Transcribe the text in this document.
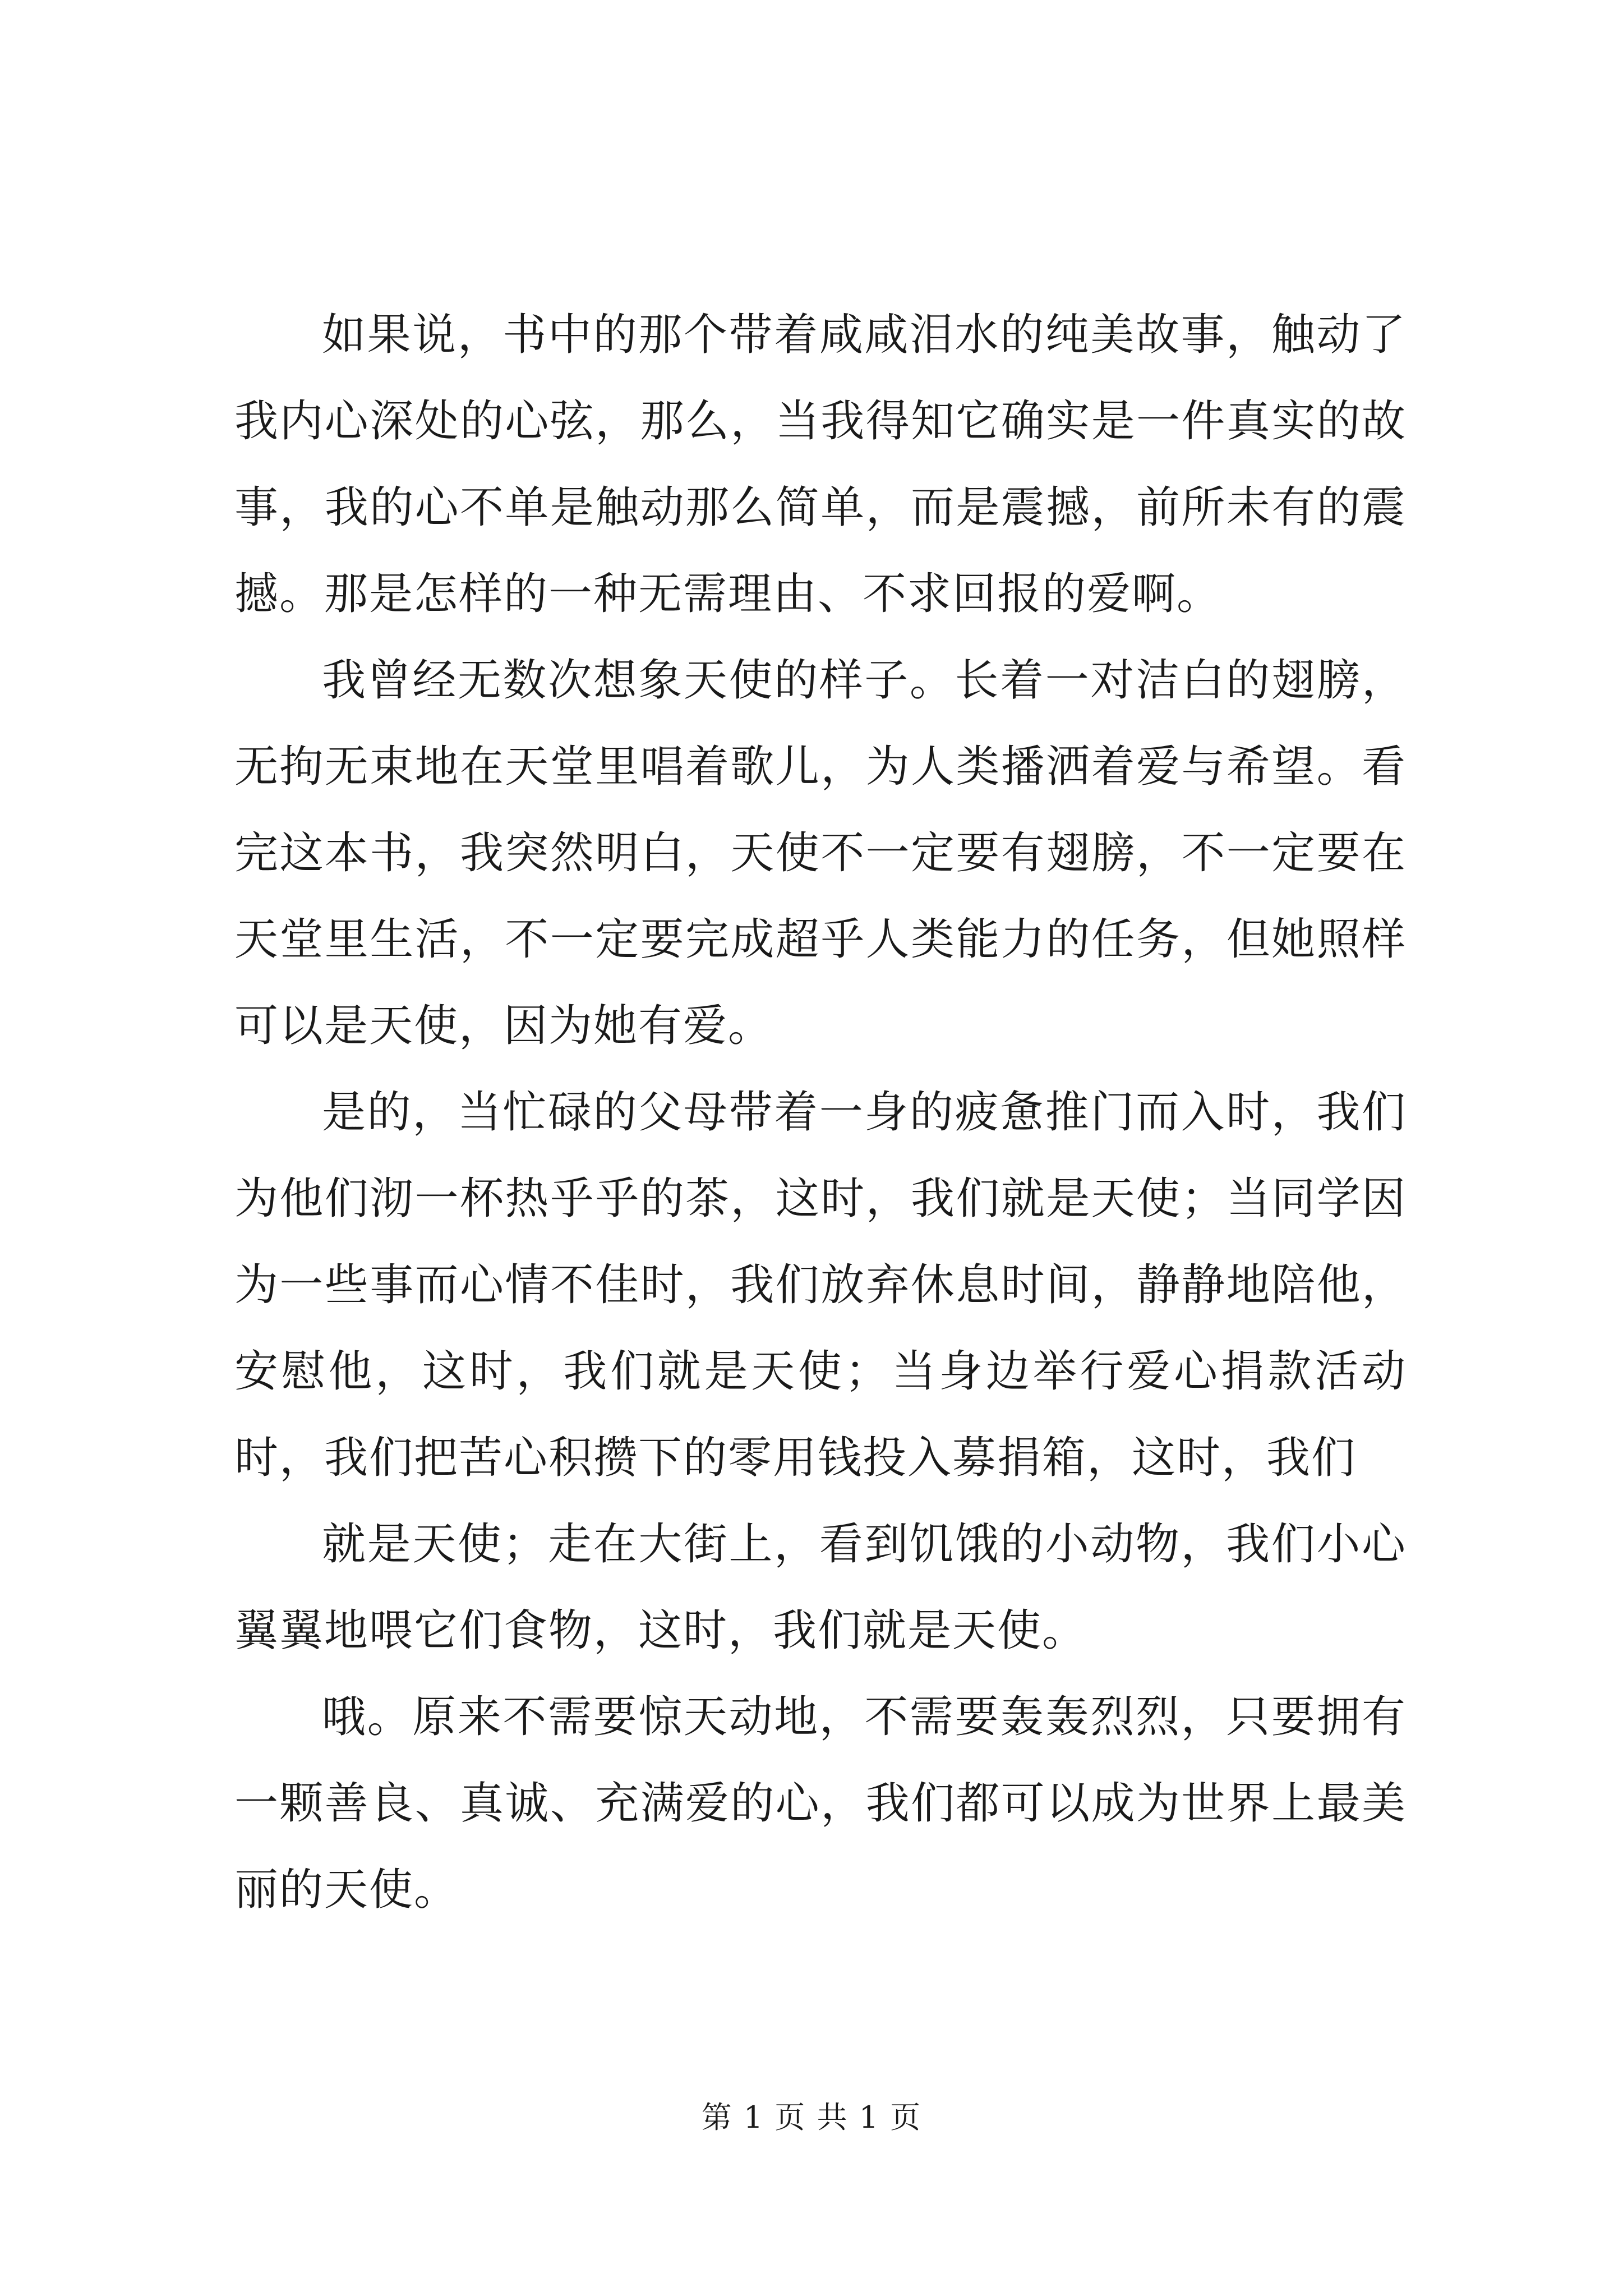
如果说，书中的那个带着咸咸泪水的纯美故事，触动了我内心深处的心弦，那么，当我得知它确实是一件真实的故事，我的心不单是触动那么简单，而是震撼，前所未有的震撼。那是怎样的一种无需理由、不求回报的爱啊。

我曾经无数次想象天使的样子。长着一对洁白的翅膀，无拘无束地在天堂里唱着歌儿，为人类播洒着爱与希望。看完这本书，我突然明白，天使不一定要有翅膀，不一定要在天堂里生活，不一定要完成超乎人类能力的任务，但她照样可以是天使，因为她有爱。

是的，当忙碌的父母带着一身的疲惫推门而入时，我们为他们沏一杯热乎乎的茶，这时，我们就是天使；当同学因为一些事而心情不佳时，我们放弃休息时间，静静地陪他，安慰他，这时，我们就是天使；当身边举行爱心捐款活动时，我们把苦心积攒下的零用钱投入募捐箱，这时，我们

就是天使；走在大街上，看到饥饿的小动物，我们小心翼翼地喂它们食物，这时，我们就是天使。

哦。原来不需要惊天动地，不需要轰轰烈烈，只要拥有一颗善良、真诚、充满爱的心，我们都可以成为世界上最美丽的天使。

第 1 页 共 1 页
